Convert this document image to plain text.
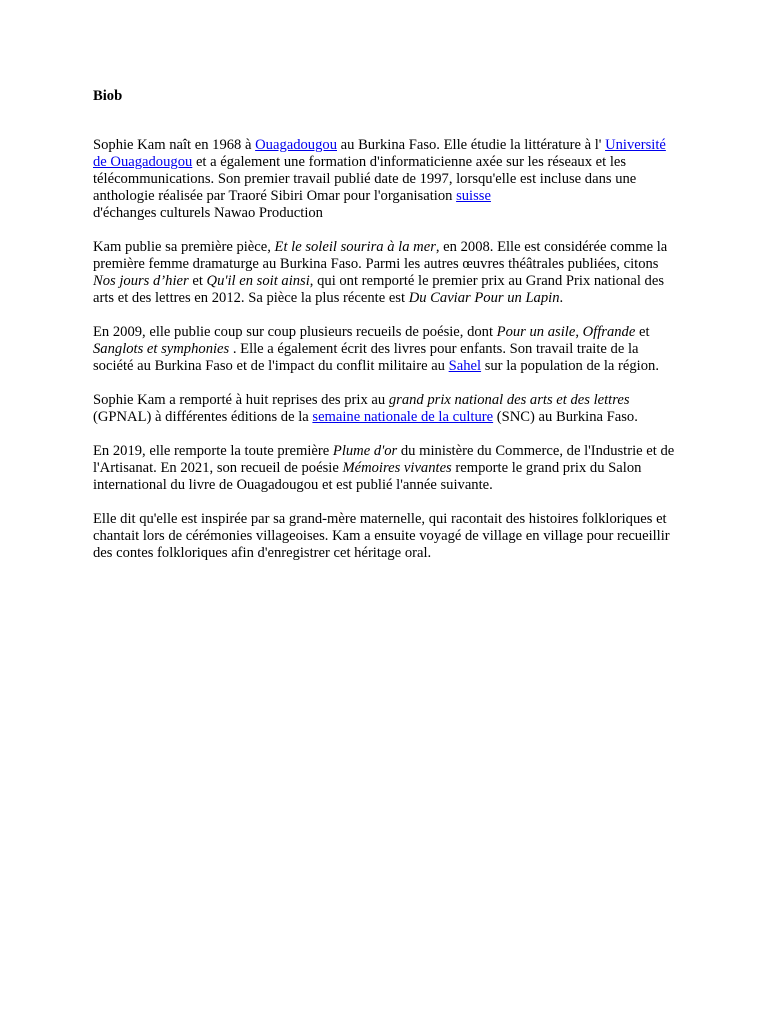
Biob

Sophie Kam naît en 1968 à Ouagadougou au Burkina Faso. Elle étudie la littérature à l' Université de Ouagadougou et a également une formation d'informaticienne axée sur les réseaux et les télécommunications. Son premier travail publié date de 1997, lorsqu'elle est incluse dans une anthologie réalisée par Traoré Sibiri Omar pour l'organisation suisse
d'échanges culturels Nawao Production

Kam publie sa première pièce, Et le soleil sourira à la mer, en 2008. Elle est considérée comme la première femme dramaturge au Burkina Faso. Parmi les autres œuvres théâtrales publiées, citons Nos jours d’hier et Qu'il en soit ainsi, qui ont remporté le premier prix au Grand Prix national des arts et des lettres en 2012. Sa pièce la plus récente est Du Caviar Pour un Lapin.

En 2009, elle publie coup sur coup plusieurs recueils de poésie, dont Pour un asile, Offrande et Sanglots et symphonies . Elle a également écrit des livres pour enfants. Son travail traite de la société au Burkina Faso et de l'impact du conflit militaire au Sahel sur la population de la région.

Sophie Kam a remporté à huit reprises des prix au grand prix national des arts et des lettres (GPNAL) à différentes éditions de la semaine nationale de la culture (SNC) au Burkina Faso.

En 2019, elle remporte la toute première Plume d'or du ministère du Commerce, de l'Industrie et de l'Artisanat. En 2021, son recueil de poésie Mémoires vivantes remporte le grand prix du Salon international du livre de Ouagadougou et est publié l'année suivante.

Elle dit qu'elle est inspirée par sa grand-mère maternelle, qui racontait des histoires folkloriques et chantait lors de cérémonies villageoises. Kam a ensuite voyagé de village en village pour recueillir des contes folkloriques afin d'enregistrer cet héritage oral.
